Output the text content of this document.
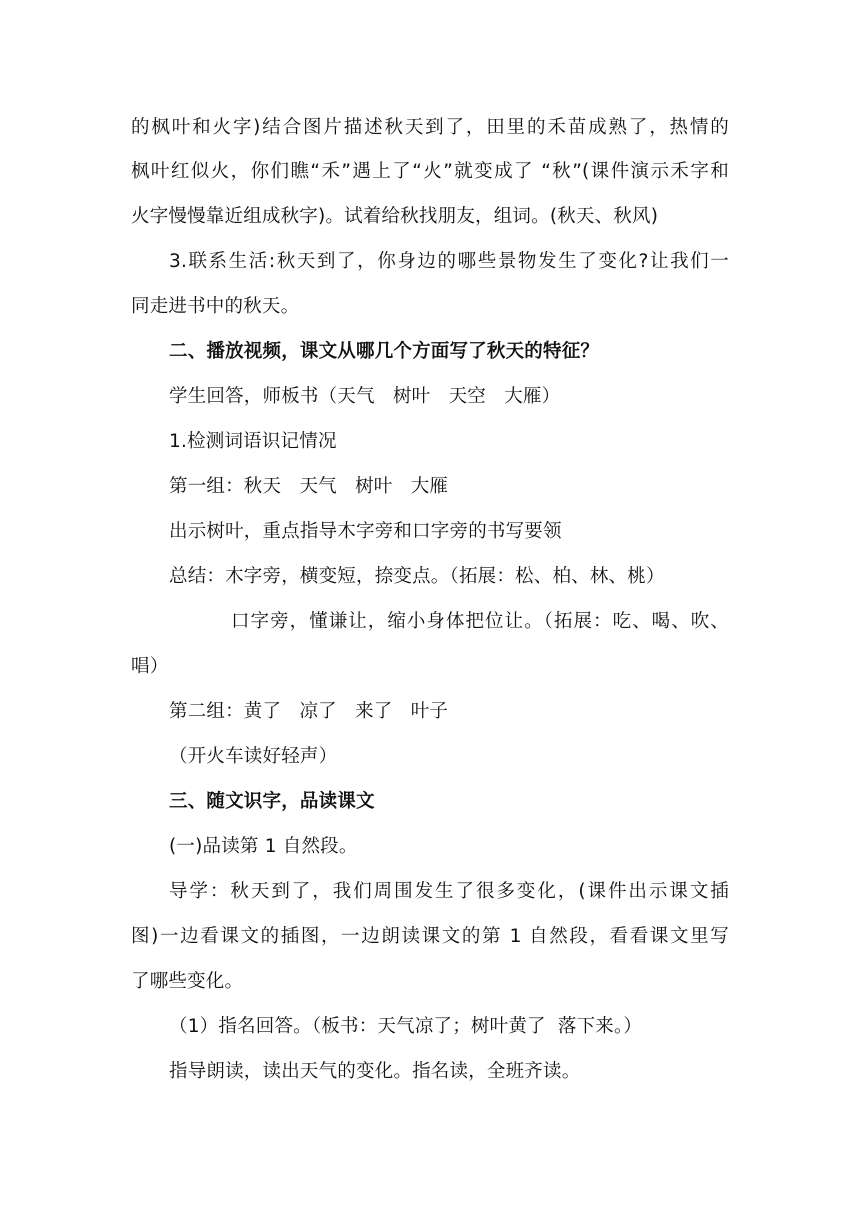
的枫叶和火字)结合图片描述秋天到了，田里的禾苗成熟了，热情的
枫叶红似火，你们瞧“禾”遇上了“火”就变成了 “秋”(课件演示禾字和
火字慢慢靠近组成秋字)。试着给秋找朋友，组词。(秋天、秋风)
3.联系生活:秋天到了，你身边的哪些景物发生了变化?让我们一
同走进书中的秋天。
二、播放视频，课文从哪几个方面写了秋天的特征？
学生回答，师板书（天气   树叶   天空   大雁）
1.检测词语识记情况
第一组：秋天   天气   树叶   大雁
出示树叶，重点指导木字旁和口字旁的书写要领
总结：木字旁，横变短，捺变点。（拓展：松、柏、林、桃）
口字旁，懂谦让，缩小身体把位让。（拓展：吃、喝、吹、
唱）
第二组：黄了   凉了   来了   叶子
（开火车读好轻声）
三、随文识字，品读课文
(一)品读第 1 自然段。
导学：秋天到了，我们周围发生了很多变化，(课件出示课文插
图)一边看课文的插图，一边朗读课文的第 1 自然段，看看课文里写
了哪些变化。
（1）指名回答。（板书：天气凉了；树叶黄了  落下来。）
指导朗读，读出天气的变化。指名读，全班齐读。
